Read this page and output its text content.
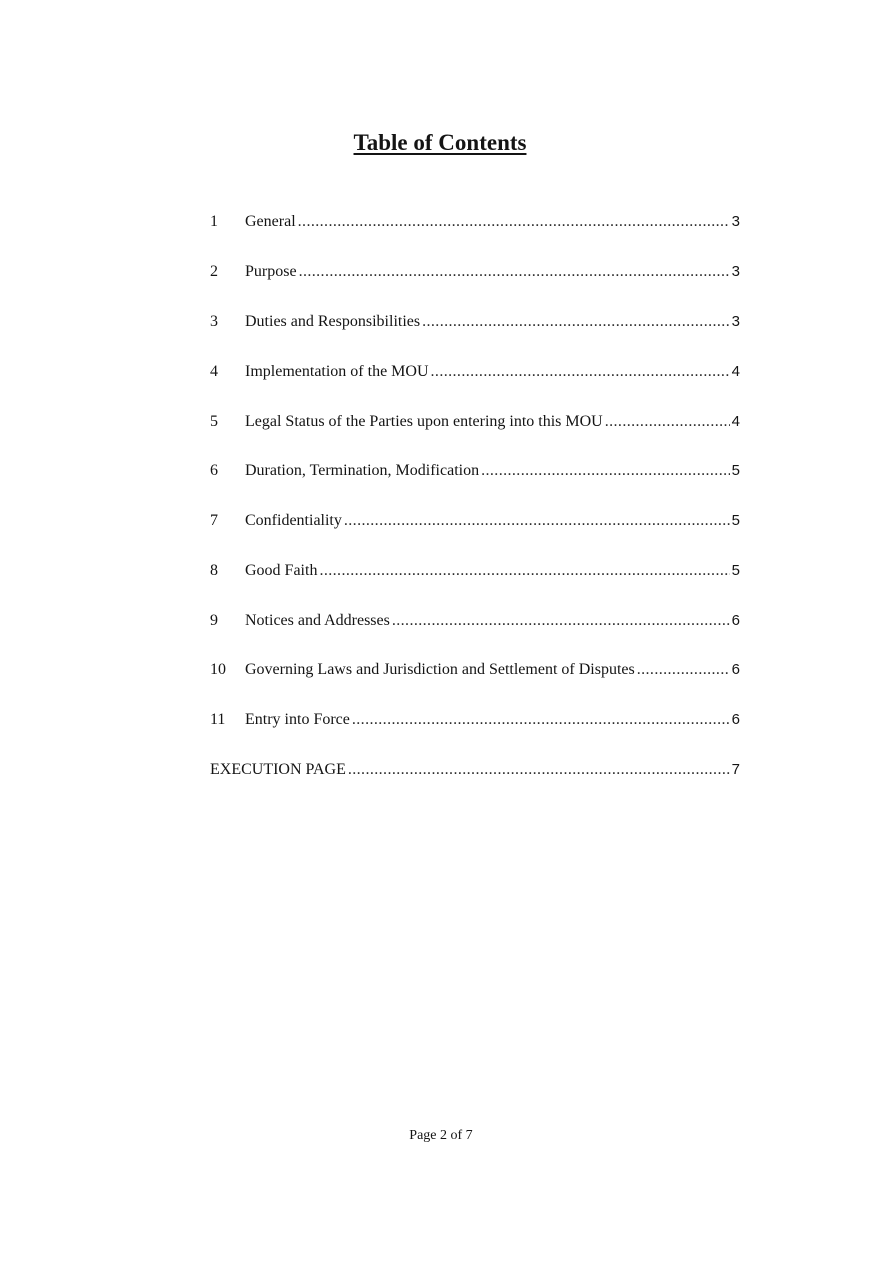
Table of Contents
1	General .....	3
2	Purpose .....	3
3	Duties and Responsibilities .....	3
4	Implementation of the MOU .....	4
5	Legal Status of the Parties upon entering into this MOU .....	4
6	Duration, Termination, Modification .....	5
7	Confidentiality .....	5
8	Good Faith .....	5
9	Notices and Addresses .....	6
10	Governing Laws and Jurisdiction and Settlement of Disputes .....	6
11	Entry into Force .....	6
EXECUTION PAGE .....	7
Page 2 of 7
